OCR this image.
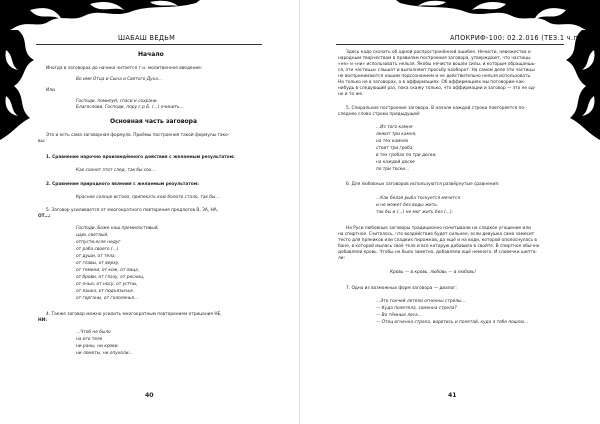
ШАБАШ ВЕДЬМ
Начало
Иногда в заговорах до начина читается т.н. молитвенное введение:
Во имя Отца и Сына и Святого Духа…
Или
Господи, помилуй, спаси и сохрани.
Благослови, Господи, пору с р Б. (…) очинить…
Основная часть заговора
Это и есть сама заговорная формула. Приёмы построения такой формулы тако-
вы:
1. Сравнение нарочно произведённого действия с желаемым результатом:
Как сохнет этот след, так бы сох…
2. Сравнение природного явления с желаемым результатом:
Красное солнце встало, припекать кою болото стало, так бы…
5. Заговор усиливается от многократного повторения предлогов В, ЗА, НА,
ОТ…:
Господи, Боже наш премилостивый,
царь светлый,
отпусти,есле недуг
от раба своего (…)
от души, от тела,
от главы, от верху,
от темени, от кож, от лица,
от брови, от глазу, от ресниц,
от очью, от носу, от устны,
от языка, от подъязычья,
от горганы, от гололенья…
4. Также заговор можно усилить многократным повторением отрицания НЕ,
НИ:
…Чтоб не было
на его теле
ни раны, ни крови,
ни ломоты, ни опухоли…
40
АПОКРИФ-100: 02.2.016 (ТЕЗ.1 ч.п.)
Здесь надо сказать об одной распространённой ошибке. Нечисти, невежества и
народным творчеством в правилам построения заговора, утверждают, что частицы
«не» и «ни» использовать нельзя. Якобы нечисти вошли силы, и которым обращаешь-
ся, эти частицы» слышат и выполняют просьбу наоборот. На самом деле эти частицы
не воспринимаются нашим подсознанием и не действительно нельзя использовать.
На только не в заговорах, а в аффирмациях. Об аффирмациях мы поговорим как-
нибудь в следующий раз, пока скажу только, что аффирмации и заговор — это не од-
но и то же.
5. Спиральное построение заговора. В начале каждой строки повторяется по-
следнее слово строки предыдущей:
…Из того камня
лежит три камня,
на тех камнях
стоит три гроба,
в тех гробах по три доски,
на каждой доске
по три тоски…
6. Для любовных заговоров используются развёрнутые сравнения:
…Как белая рыба тоскуется мечется
и не может без воды жить,
так бы и (…) не мог жить без (…).
На Руси любовные заговоры традиционно начитывали на сладкое угощение или
на спиртное. Считалось, что воздействие будет сильнее, если девушка сама замесит
тесто для пряников или сладких пирожков, да ещё и на воде, которой ополоснулась в
бане, в которой мылась своё тело и все которую добавила в свойте. В спиртное обычно
добавляли кровь. Чтобы не было заметно, добавляли ещё немного. И словечки шепта-
ли:
Кровь — в кровь, любовь — в любовь!
7. Одна из возможных форм заговора — диалог:
…Это гончей летели огненны стрелы…
— Куда полетела, заменна стрела?
— Во тёмные леса…
— Отец огненна стрела, воротись и полетай, куда я тебе пошлю…
41
